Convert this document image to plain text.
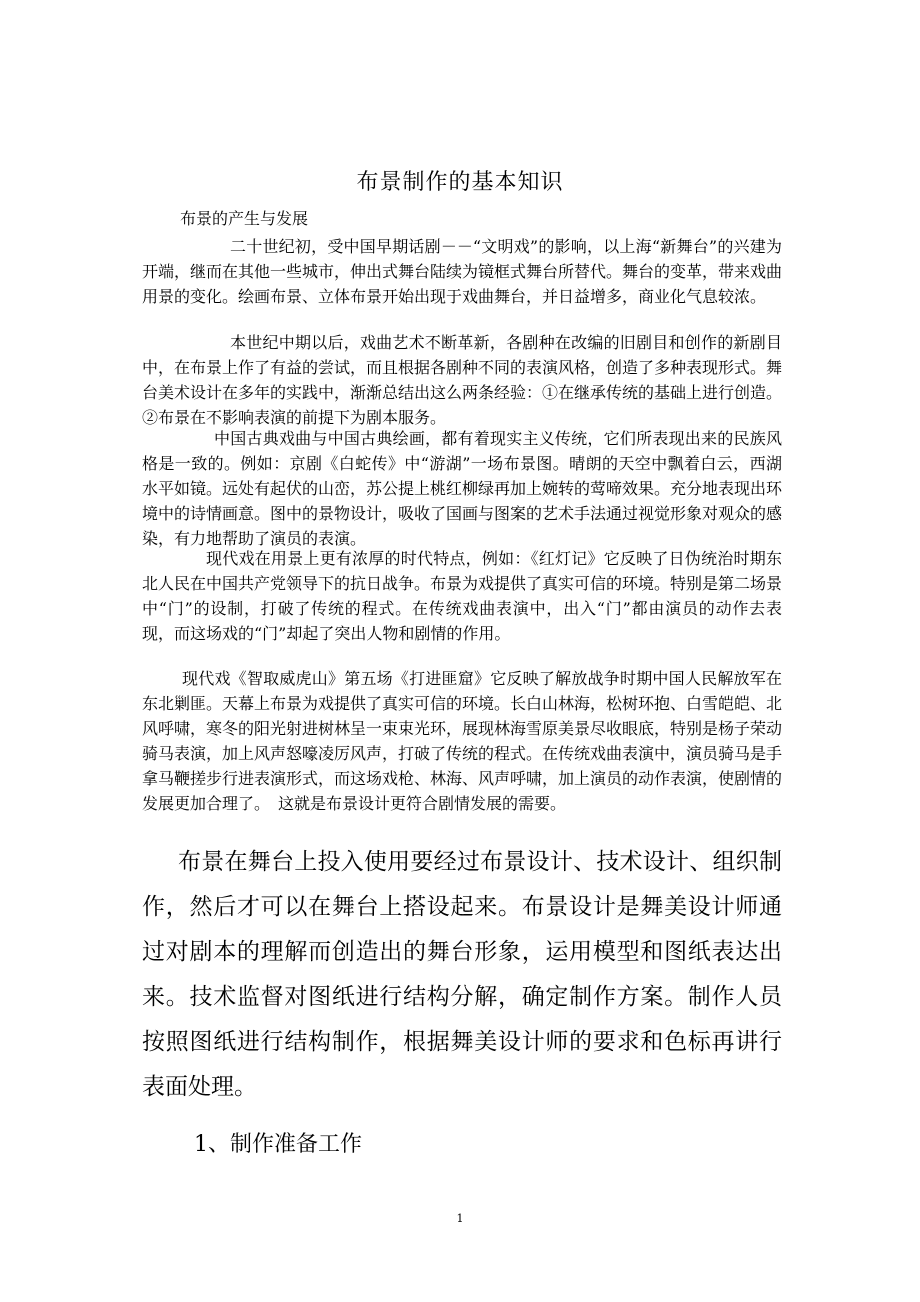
布景制作的基本知识
布景的产生与发展

二十世纪初，受中国早期话剧－－“文明戏”的影响，以上海“新舞台”的兴建为开端，继而在其他一些城市，伸出式舞台陆续为镜框式舞台所替代。舞台的变革，带来戏曲用景的变化。绘画布景、立体布景开始出现于戏曲舞台，并日益增多，商业化气息较浓。

本世纪中期以后，戏曲艺术不断革新，各剧种在改编的旧剧目和创作的新剧目中，在布景上作了有益的尝试，而且根据各剧种不同的表演风格，创造了多种表现形式。舞台美术设计在多年的实践中，渐渐总结出这么两条经验：①在继承传统的基础上进行创造。②布景在不影响表演的前提下为剧本服务。

中国古典戏曲与中国古典绘画，都有着现实主义传统，它们所表现出来的民族风格是一致的。例如：京剧《白蛇传》中“游湖”一场布景图。晴朗的天空中飘着白云，西湖水平如镜。远处有起伏的山峦，苏公提上桃红柳绿再加上婉转的莺啼效果。充分地表现出环境中的诗情画意。图中的景物设计，吸收了国画与图案的艺术手法通过视觉形象对观众的感染，有力地帮助了演员的表演。

现代戏在用景上更有浓厚的时代特点，例如：《红灯记》它反映了日伪统治时期东北人民在中国共产党领导下的抗日战争。布景为戏提供了真实可信的环境。特别是第二场景中“门”的设制，打破了传统的程式。在传统戏曲表演中，出入“门”都由演员的动作去表现，而这场戏的“门”却起了突出人物和剧情的作用。

现代戏《智取威虎山》第五场《打进匪窟》它反映了解放战争时期中国人民解放军在东北剿匪。天幕上布景为戏提供了真实可信的环境。长白山林海，松树环抱、白雪皑皑、北风呼啸，寒冬的阳光射进树林呈一束束光环，展现林海雪原美景尽收眼底，特别是杨子荣动骑马表演，加上风声怒嚎凌厉风声，打破了传统的程式。在传统戏曲表演中，演员骑马是手拿马鞭搓步行进表演形式，而这场戏枪、林海、风声呼啸，加上演员的动作表演，使剧情的发展更加合理了。　这就是布景设计更符合剧情发展的需要。

布景在舞台上投入使用要经过布景设计、技术设计、组织制作，然后才可以在舞台上搭设起来。布景设计是舞美设计师通过对剧本的理解而创造出的舞台形象，运用模型和图纸表达出来。技术监督对图纸进行结构分解，确定制作方案。制作人员按照图纸进行结构制作，根据舞美设计师的要求和色标再讲行表面处理。

1、制作准备工作
1
